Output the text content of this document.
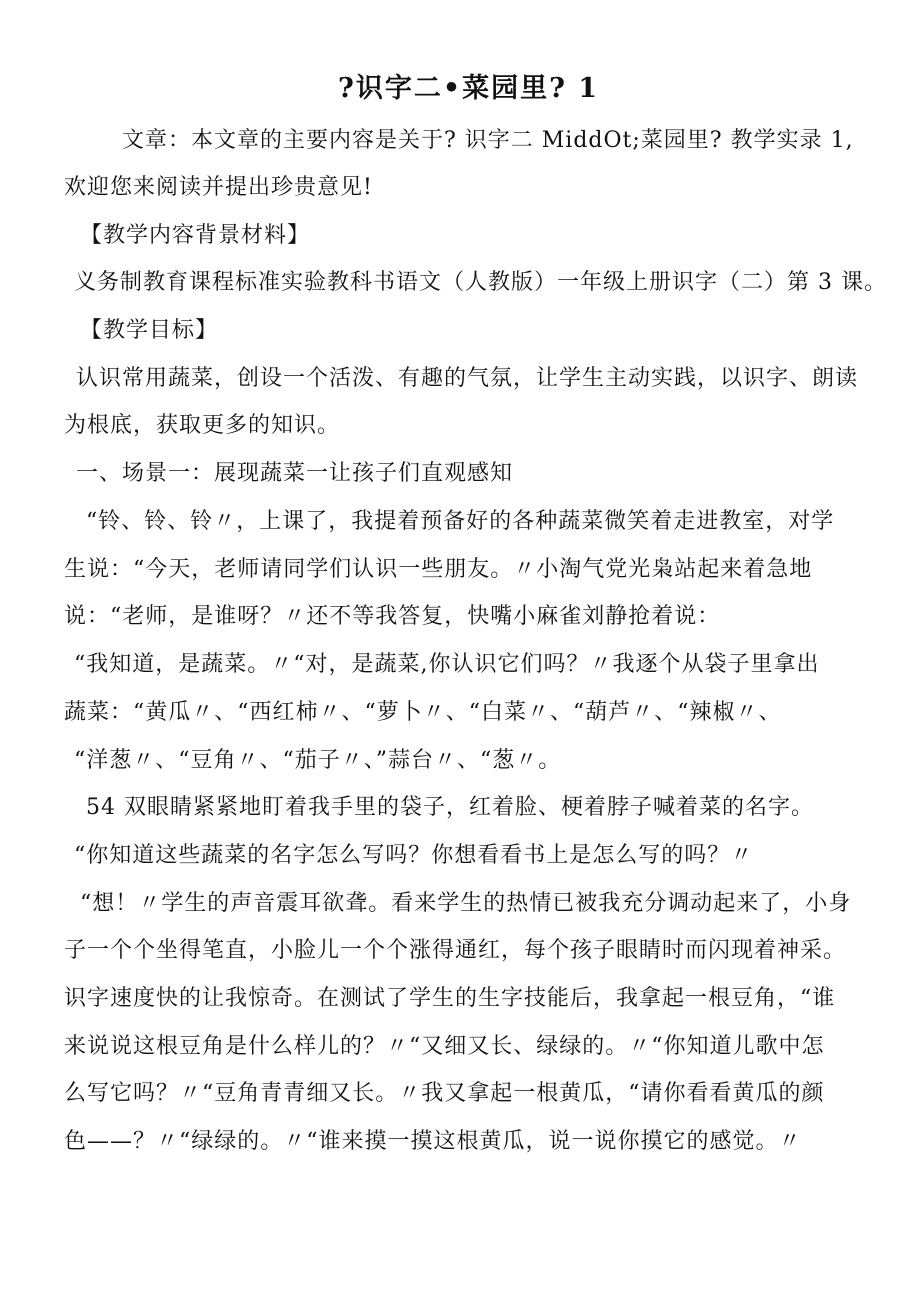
?识字二•菜园里? 1
文章：本文章的主要内容是关于? 识字二 MiddOt;菜园里? 教学实录 1,
欢迎您来阅读并提出珍贵意见!
【教学内容背景材料】
义务制教育课程标准实验教科书语文（人教版）一年级上册识字（二）第 3 课。
【教学目标】
认识常用蔬菜，创设一个活泼、有趣的气氛，让学生主动实践，以识字、朗读
为根底，获取更多的知识。
一、场景一：展现蔬菜一让孩子们直观感知
“铃、铃、铃〃，上课了，我提着预备好的各种蔬菜微笑着走进教室，对学
生说：“今天，老师请同学们认识一些朋友。〃小淘气党光枭站起来着急地
说：“老师，是谁呀？〃还不等我答复，快嘴小麻雀刘静抢着说：
“我知道，是蔬菜。〃“对，是蔬菜,你认识它们吗？〃我逐个从袋子里拿出
蔬菜：“黄瓜〃、“西红柿〃、“萝卜〃、“白菜〃、“葫芦〃、“辣椒〃、
“洋葱〃、“豆角〃、“茄子〃、”蒜台〃、“葱〃。
54 双眼睛紧紧地盯着我手里的袋子，红着脸、梗着脖子喊着菜的名字。
“你知道这些蔬菜的名字怎么写吗？你想看看书上是怎么写的吗？〃
“想！〃学生的声音震耳欲聋。看来学生的热情已被我充分调动起来了，小身
子一个个坐得笔直，小脸儿一个个涨得通红，每个孩子眼睛时而闪现着神采。
识字速度快的让我惊奇。在测试了学生的生字技能后，我拿起一根豆角，“谁
来说说这根豆角是什么样儿的？〃“又细又长、绿绿的。〃“你知道儿歌中怎
么写它吗？〃“豆角青青细又长。〃我又拿起一根黄瓜，“请你看看黄瓜的颜
色——？〃“绿绿的。〃“谁来摸一摸这根黄瓜，说一说你摸它的感觉。〃
